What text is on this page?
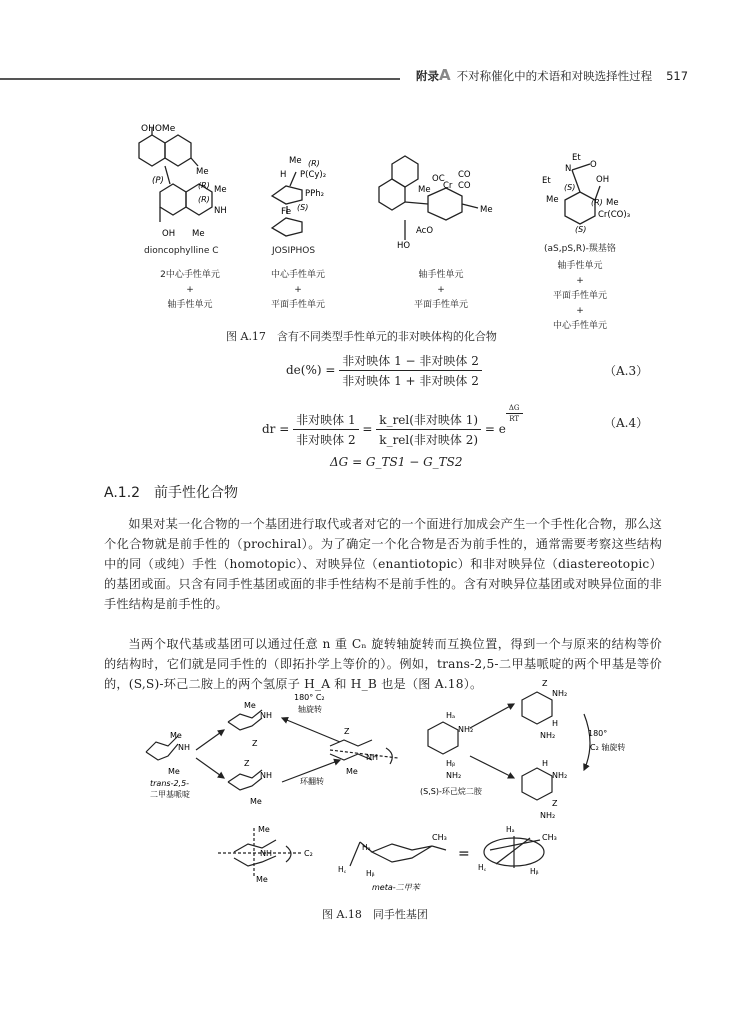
附录A 不对称催化中的术语和对映选择性过程 517
OHOMe
(P)
Me
(R) Me
(R)
NH
OH Me
Me (R)
H P(Cy)₂
PPh₂
Fe (S)
OC CO
Me Cr CO
Me
AcO
HO
Et
N
Et
O
(S)
OH
Me	(R) Me
Cr(CO)₃
(S)
dioncophylline C	JOSIPHOS	(aS,pS,R)-羰基铬
2中心手性单元
+
轴手性单元
中心手性单元
+
平面手性单元
轴手性单元
+
平面手性单元
轴手性单元
+
平面手性单元
+
中心手性单元
图 A.17　含有不同类型手性单元的非对映体构的化合物
$de(\%) = \frac{\text{非对映体 1 − 非对映体 2}}{\text{非对映体 1 + 非对映体 2}}$	（A.3）
dr = $\frac{\text{非对映体 1}}{\text{非对映体 2}} = \frac{\text{k\_rel(非对映体 1)}}{\text{k\_rel(非对映体 2)}} = e$
$\frac{\Delta G}{RT}$	（A.4）
ΔG = G_TS1 − G_TS2
A.1.2 前手性化合物
如果对某一化合物的一个基团进行取代或者对它的一个面进行加成会产生一个手性化合物，那么这个化合物就是前手性的（prochiral）。为了确定一个化合物是否为前手性的，通常需要考察这些结构中的同（或纯）手性（homotopic）、对映异位（enantiotopic）和非对映异位（diastereotopic）的基团或面。只含有同手性基团或面的非手性结构不是前手性的。含有对映异位基团或对映异位面的非手性结构是前手性的。
当两个取代基或基团可以通过任意 n 重 Cₙ 旋转轴旋转而互换位置，得到一个与原来的结构等价的结构时，它们就是同手性的（即拓扑学上等价的）。例如，trans-2,5-二甲基哌啶的两个甲基是等价的，(S,S)-环己二胺上的两个氢原子 H_A 和 H_B 也是（图 A.18）。
Me
NH
Me
trans-2,5-
二甲基哌啶
Me
NH
Z
180° C₂
轴旋转
Z
NH
Me
环翻转
Z
NH
Me
Hₐ
NH₂
Hᵦ
NH₂
(S,S)-环己烷二胺
Z
NH₂
H
NH₂	180°
C₂ 轴旋转
H
NH₂
Z
NH₂
Me
NH
Me
C₂
Hₐ
CH₃
H꜀	Hᵦ
meta-二甲苯
=
Hₐ
CH₃
H꜀	Hᵦ
图 A.18　同手性基团
